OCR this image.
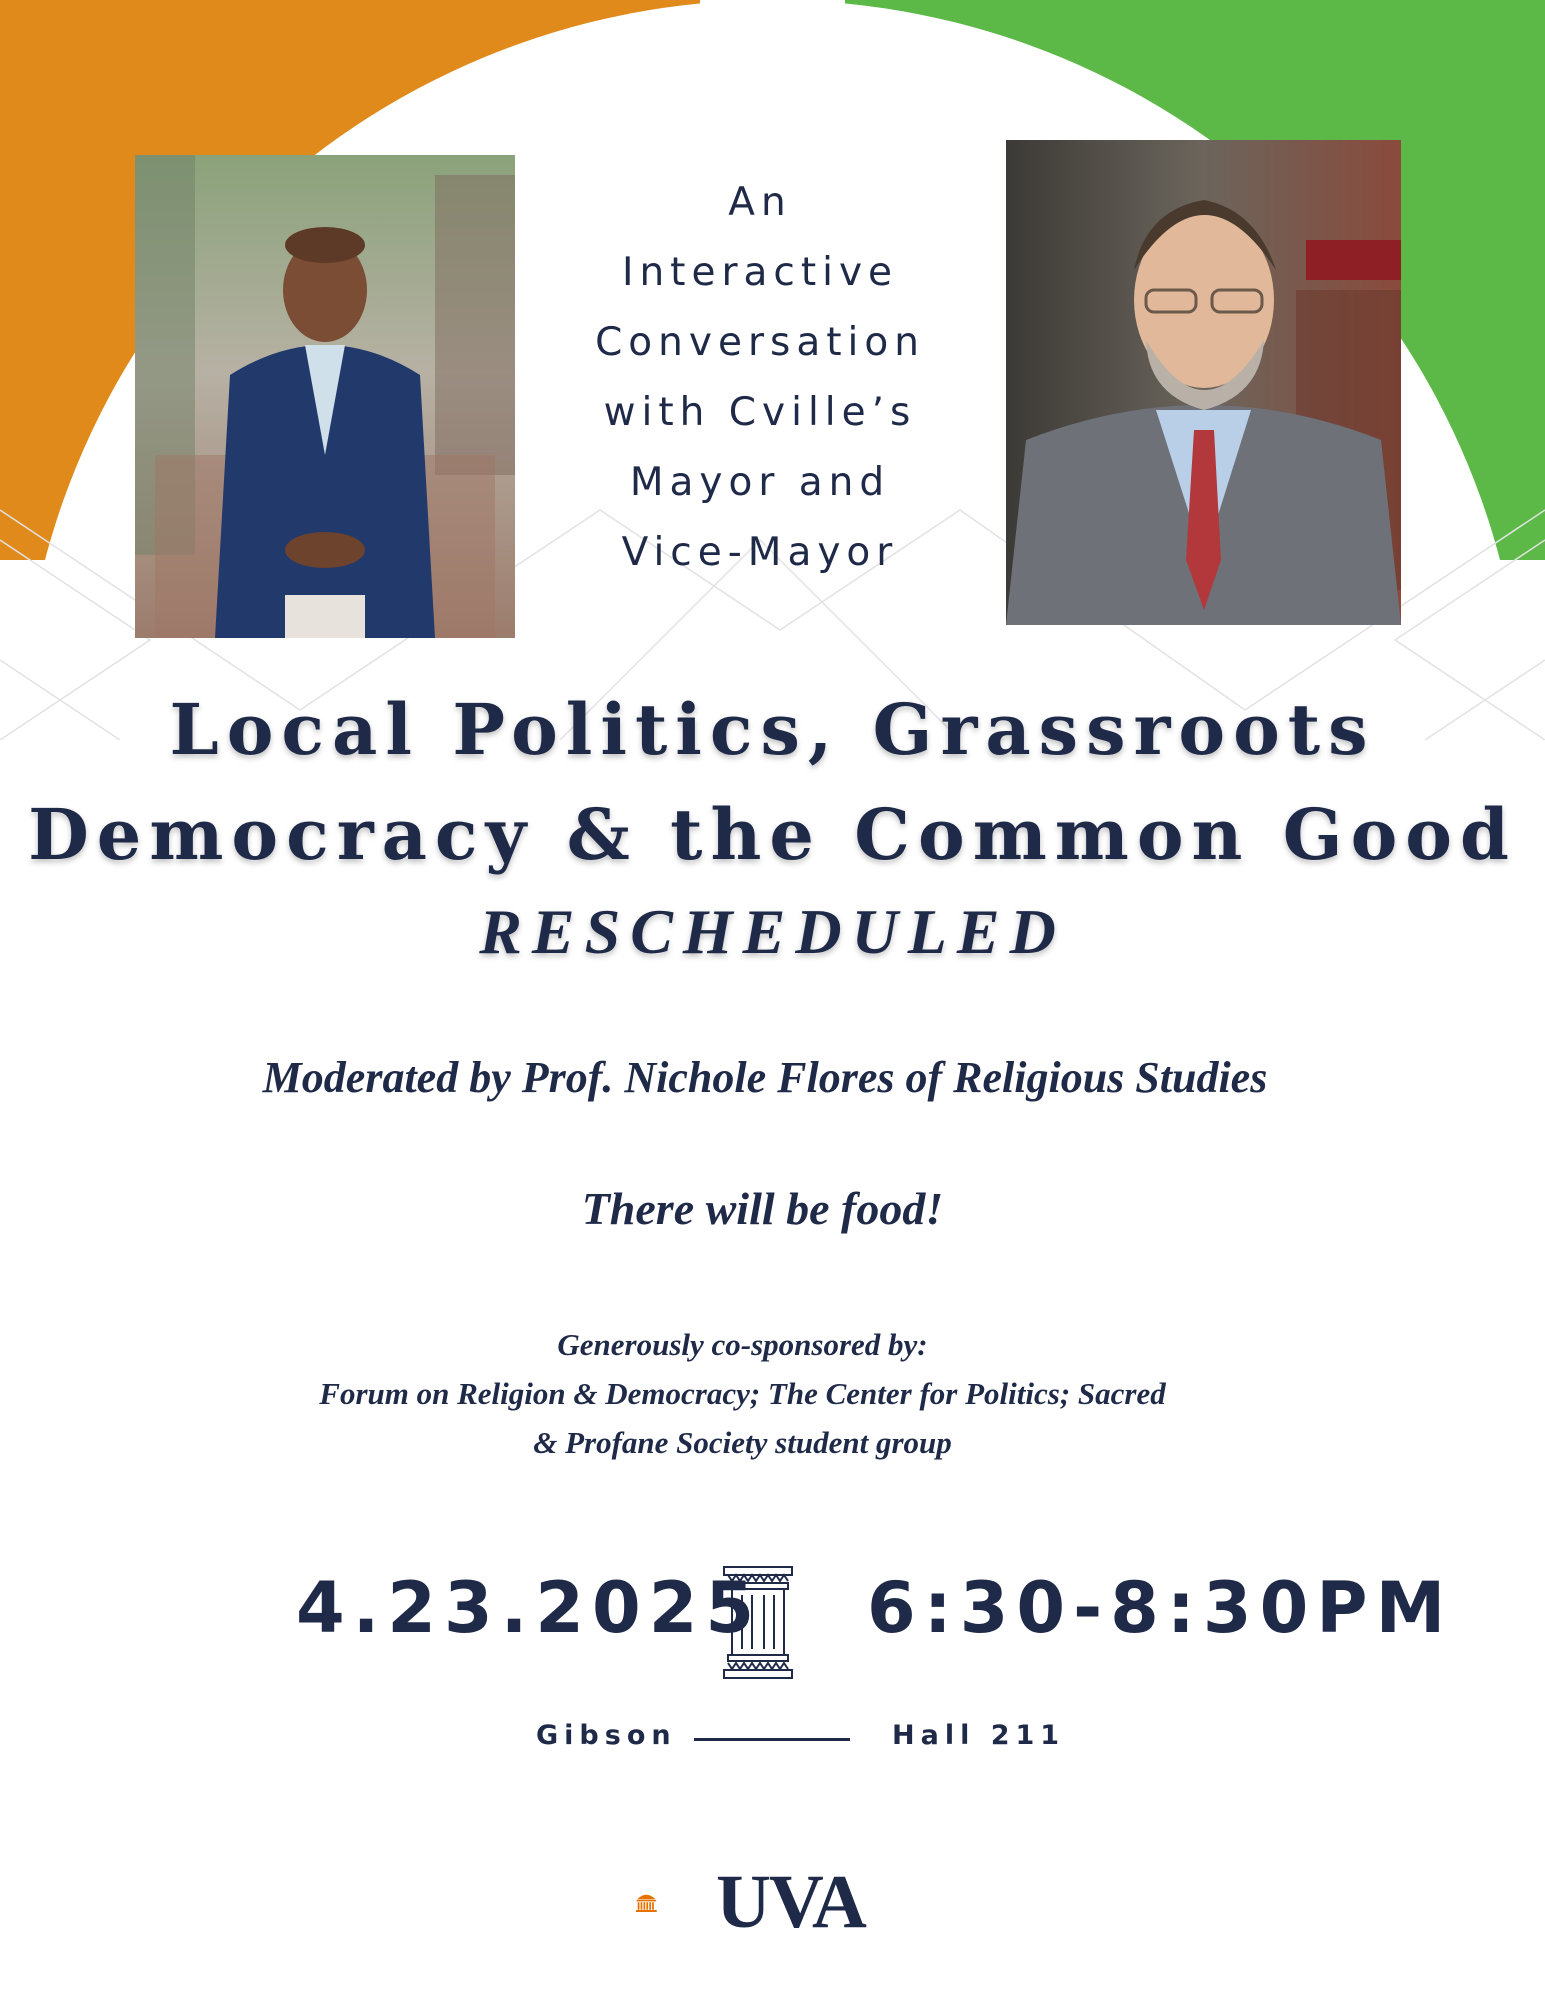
An
Interactive
Conversation
with Cville’s
Mayor and
Vice-Mayor
Local Politics, Grassroots
Democracy & the Common Good
RESCHEDULED
Moderated by Prof. Nichole Flores of Religious Studies
There will be food!
Generously co-sponsored by:
Forum on Religion & Democracy; The Center for Politics; Sacred
& Profane Society student group
4.23.2025 6:30-8:30PM
Gibson	Hall 211
UVA
